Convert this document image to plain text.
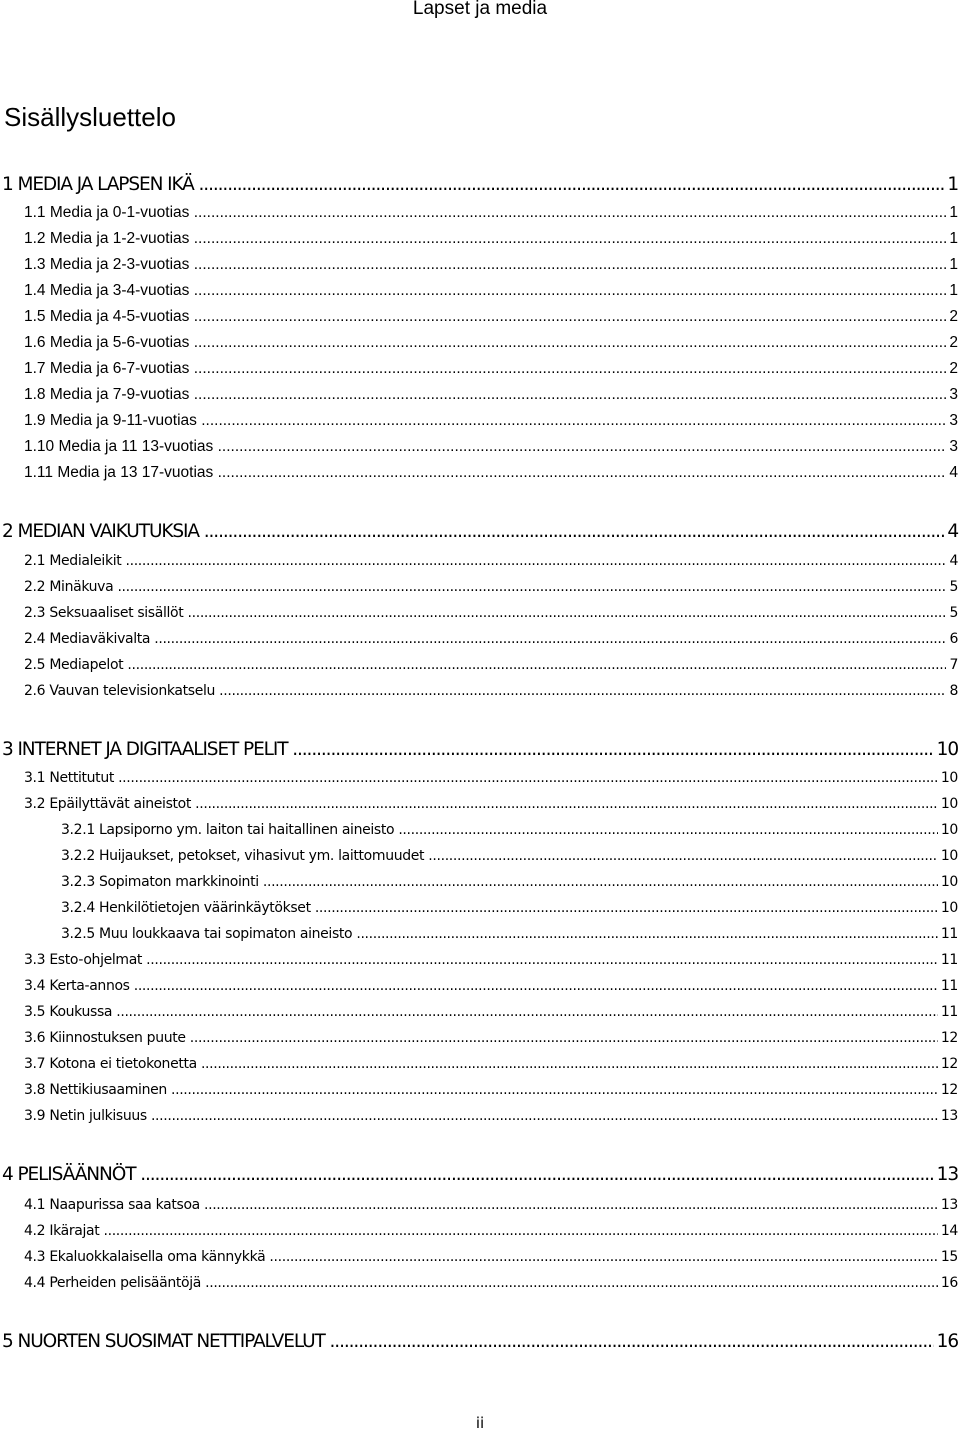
Lapset ja media
Sisällysluettelo
1 MEDIA JA LAPSEN IKÄ .....	1
1.1 Media ja 0-1-vuotias .....	1
1.2 Media ja 1-2-vuotias .....	1
1.3 Media ja 2-3-vuotias .....	1
1.4 Media ja 3-4-vuotias .....	1
1.5 Media ja 4-5-vuotias .....	2
1.6 Media ja 5-6-vuotias .....	2
1.7 Media ja 6-7-vuotias .....	2
1.8 Media ja 7-9-vuotias .....	3
1.9 Media ja 9-11-vuotias .....	3
1.10 Media ja 11 13-vuotias .....	3
1.11 Media ja 13 17-vuotias .....	4
2 MEDIAN VAIKUTUKSIA .....	4
2.1 Medialeikit .....	4
2.2 Minäkuva .....	5
2.3 Seksuaaliset sisällöt .....	5
2.4 Mediaväkivalta .....	6
2.5 Mediapelot .....	7
2.6 Vauvan televisionkatselu .....	8
3 INTERNET JA DIGITAALISET PELIT .....	10
3.1 Nettitutut .....	10
3.2 Epäilyttävät aineistot .....	10
3.2.1 Lapsiporno ym. laiton tai haitallinen aineisto .....	10
3.2.2 Huijaukset, petokset, vihasivut ym. laittomuudet .....	10
3.2.3 Sopimaton markkinointi .....	10
3.2.4 Henkilötietojen väärinkäytökset .....	10
3.2.5 Muu loukkaava tai sopimaton aineisto .....	11
3.3 Esto-ohjelmat .....	11
3.4 Kerta-annos .....	11
3.5 Koukussa .....	11
3.6 Kiinnostuksen puute .....	12
3.7 Kotona ei tietokonetta .....	12
3.8 Nettikiusaaminen .....	12
3.9 Netin julkisuus .....	13
4 PELISÄÄNNÖT .....	13
4.1 Naapurissa saa katsoa .....	13
4.2 Ikärajat .....	14
4.3 Ekaluokkalaisella oma kännykkä .....	15
4.4 Perheiden pelisääntöjä .....	16
5 NUORTEN SUOSIMAT NETTIPALVELUT .....	16
ii
